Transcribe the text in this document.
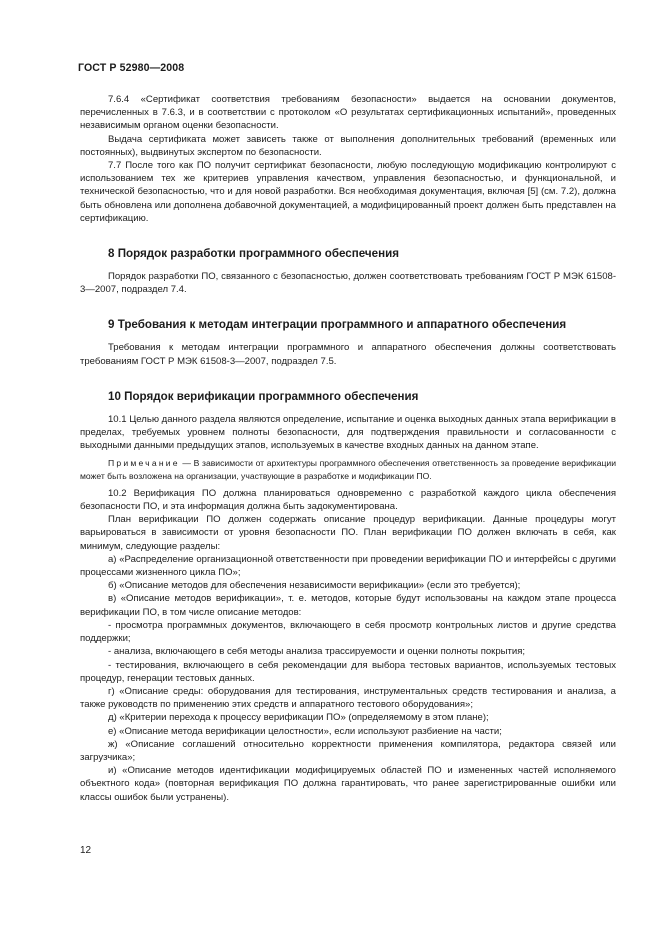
ГОСТ Р 52980—2008

7.6.4 «Сертификат соответствия требованиям безопасности» выдается на основании документов, перечисленных в 7.6.3, и в соответствии с протоколом «О результатах сертификационных испытаний», проведенных независимым органом оценки безопасности.

Выдача сертификата может зависеть также от выполнения дополнительных требований (временных или постоянных), выдвинутых экспертом по безопасности.

7.7 После того как ПО получит сертификат безопасности, любую последующую модификацию контролируют с использованием тех же критериев управления качеством, управления безопасностью, и функциональной, и технической безопасностью, что и для новой разработки. Вся необходимая документация, включая [5] (см. 7.2), должна быть обновлена или дополнена добавочной документацией, а модифицированный проект должен быть представлен на сертификацию.

8
Порядок разработки программного обеспечения

Порядок разработки ПО, связанного с безопасностью, должен соответствовать требованиям ГОСТ Р МЭК 61508-3—2007, подраздел 7.4.

9
Требования к методам интеграции программного и аппаратного обеспечения

Требования к методам интеграции программного и аппаратного обеспечения должны соответствовать требованиям ГОСТ Р МЭК 61508-3—2007, подраздел 7.5.

10
Порядок верификации программного обеспечения

10.1 Целью данного раздела являются определение, испытание и оценка выходных данных этапа верификации в пределах, требуемых уровнем полноты безопасности, для подтверждения правильности и согласованности с выходными данными предыдущих этапов, используемых в качестве входных данных на данном этапе.

Примечание — В зависимости от архитектуры программного обеспечения ответственность за проведение верификации может быть возложена на организации, участвующие в разработке и модификации ПО.

10.2 Верификация ПО должна планироваться одновременно с разработкой каждого цикла обеспечения безопасности ПО, и эта информация должна быть задокументирована.

План верификации ПО должен содержать описание процедур верификации. Данные процедуры могут варьироваться в зависимости от уровня безопасности ПО. План верификации ПО должен включать в себя, как минимум, следующие разделы:

а) «Распределение организационной ответственности при проведении верификации ПО и интерфейсы с другими процессами жизненного цикла ПО»;

б) «Описание методов для обеспечения независимости верификации» (если это требуется);

в) «Описание методов верификации», т. е. методов, которые будут использованы на каждом этапе процесса верификации ПО, в том числе описание методов:

- просмотра программных документов, включающего в себя просмотр контрольных листов и другие средства поддержки;

- анализа, включающего в себя методы анализа трассируемости и оценки полноты покрытия;

- тестирования, включающего в себя рекомендации для выбора тестовых вариантов, используемых тестовых процедур, генерации тестовых данных.

г) «Описание среды: оборудования для тестирования, инструментальных средств тестирования и анализа, а также руководств по применению этих средств и аппаратного тестового оборудования»;

д) «Критерии перехода к процессу верификации ПО» (определяемому в этом плане);

е) «Описание метода верификации целостности», если используют разбиение на части;

ж) «Описание соглашений относительно корректности применения компилятора, редактора связей или загрузчика»;

и) «Описание методов идентификации модифицируемых областей ПО и измененных частей исполняемого объектного кода» (повторная верификация ПО должна гарантировать, что ранее зарегистрированные ошибки или классы ошибок были устранены).

12
